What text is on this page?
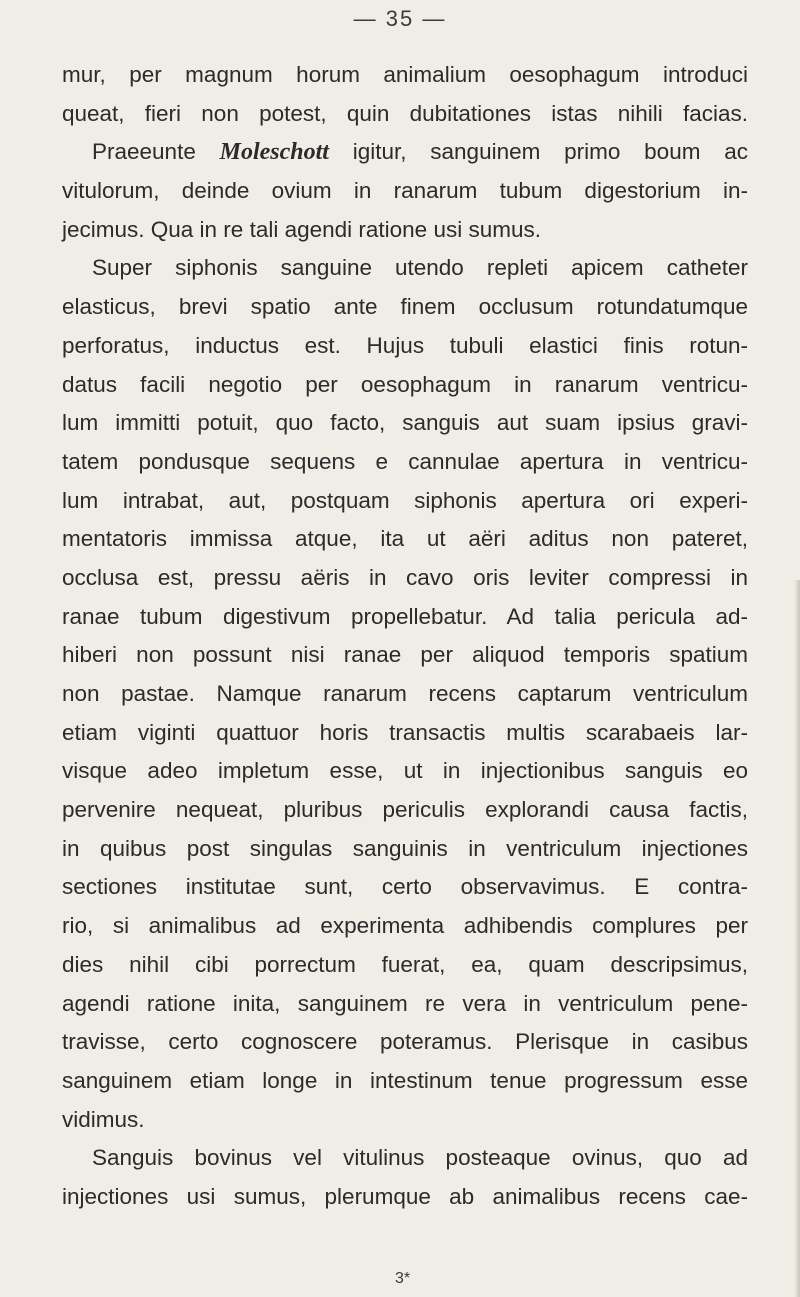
— 35 —
mur, per magnum horum animalium oesophagum introduci
queat, fieri non potest, quin dubitationes istas nihili facias.
Praeeunte Moleschott igitur, sanguinem primo boum ac
vitulorum, deinde ovium in ranarum tubum digestorium in-
jecimus. Qua in re tali agendi ratione usi sumus.
Super siphonis sanguine utendo repleti apicem catheter
elasticus, brevi spatio ante finem occlusum rotundatumque
perforatus, inductus est. Hujus tubuli elastici finis rotun-
datus facili negotio per oesophagum in ranarum ventricu-
lum immitti potuit, quo facto, sanguis aut suam ipsius gravi-
tatem pondusque sequens e cannulae apertura in ventricu-
lum intrabat, aut, postquam siphonis apertura ori experi-
mentatoris immissa atque, ita ut aëri aditus non pateret,
occlusa est, pressu aëris in cavo oris leviter compressi in
ranae tubum digestivum propellebatur. Ad talia pericula ad-
hiberi non possunt nisi ranae per aliquod temporis spatium
non pastae. Namque ranarum recens captarum ventriculum
etiam viginti quattuor horis transactis multis scarabaeis lar-
visque adeo impletum esse, ut in injectionibus sanguis eo
pervenire nequeat, pluribus periculis explorandi causa factis,
in quibus post singulas sanguinis in ventriculum injectiones
sectiones institutae sunt, certo observavimus. E contra-
rio, si animalibus ad experimenta adhibendis complures per
dies nihil cibi porrectum fuerat, ea, quam descripsimus,
agendi ratione inita, sanguinem re vera in ventriculum pene-
travisse, certo cognoscere poteramus. Plerisque in casibus
sanguinem etiam longe in intestinum tenue progressum esse
vidimus.
Sanguis bovinus vel vitulinus posteaque ovinus, quo ad
injectiones usi sumus, plerumque ab animalibus recens cae-
3*
